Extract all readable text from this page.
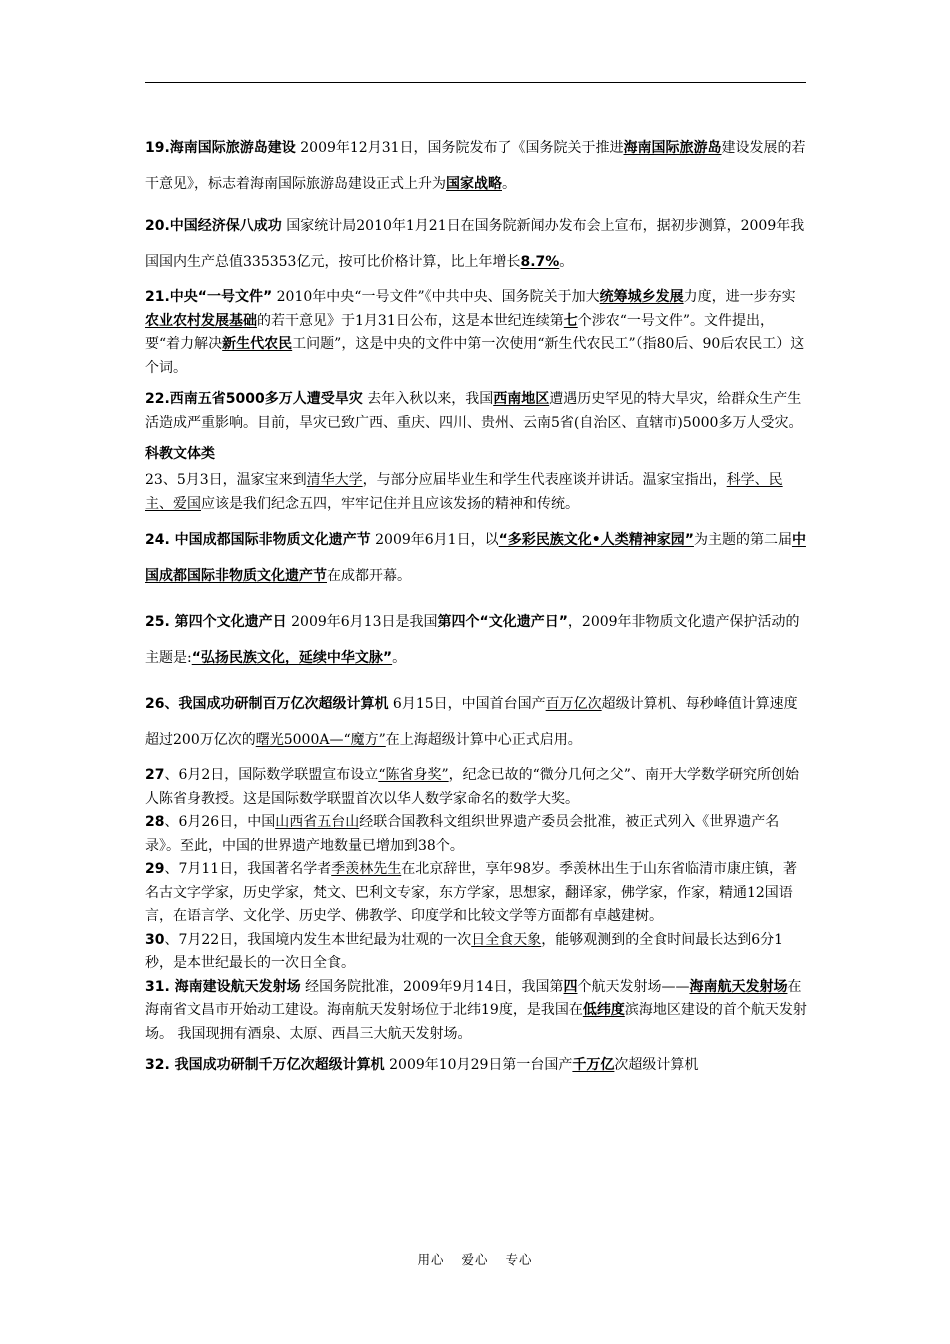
19.海南国际旅游岛建设 2009年12月31日，国务院发布了《国务院关于推进海南国际旅游岛建设发展的若干意见》，标志着海南国际旅游岛建设正式上升为国家战略。

20.中国经济保八成功 国家统计局2010年1月21日在国务院新闻办发布会上宣布，据初步测算，2009年我国国内生产总值335353亿元，按可比价格计算，比上年增长8.7%。

21.中央“一号文件” 2010年中央“一号文件”《中共中央、国务院关于加大统筹城乡发展力度，进一步夯实农业农村发展基础的若干意见》于1月31日公布，这是本世纪连续第七个涉农“一号文件”。文件提出，要“着力解决新生代农民工问题”，这是中央的文件中第一次使用“新生代农民工”（指80后、90后农民工）这个词。

22.西南五省5000多万人遭受旱灾 去年入秋以来，我国西南地区遭遇历史罕见的特大旱灾，给群众生产生活造成严重影响。目前，旱灾已致广西、重庆、四川、贵州、云南5省(自治区、直辖市)5000多万人受灾。

科教文体类

23、5月3日，温家宝来到清华大学，与部分应届毕业生和学生代表座谈并讲话。温家宝指出，科学、民主、爱国应该是我们纪念五四，牢牢记住并且应该发扬的精神和传统。

24. 中国成都国际非物质文化遗产节 2009年6月1日，以“多彩民族文化•人类精神家园”为主题的第二届中国成都国际非物质文化遗产节在成都开幕。

25. 第四个文化遗产日 2009年6月13日是我国第四个“文化遗产日”，2009年非物质文化遗产保护活动的主题是:“弘扬民族文化，延续中华文脉”。

26、我国成功研制百万亿次超级计算机 6月15日，中国首台国产百万亿次超级计算机、每秒峰值计算速度超过200万亿次的曙光5000A—“魔方”在上海超级计算中心正式启用。

27、6月2日，国际数学联盟宣布设立“陈省身奖”，纪念已故的“微分几何之父”、南开大学数学研究所创始人陈省身教授。这是国际数学联盟首次以华人数学家命名的数学大奖。

28、6月26日，中国山西省五台山经联合国教科文组织世界遗产委员会批准，被正式列入《世界遗产名录》。至此，中国的世界遗产地数量已增加到38个。

29、7月11日，我国著名学者季羡林先生在北京辞世，享年98岁。季羡林出生于山东省临清市康庄镇，著名古文字学家，历史学家，梵文、巴利文专家，东方学家，思想家，翻译家，佛学家，作家，精通12国语言，在语言学、文化学、历史学、佛教学、印度学和比较文学等方面都有卓越建树。

30、7月22日，我国境内发生本世纪最为壮观的一次日全食天象，能够观测到的全食时间最长达到6分1秒，是本世纪最长的一次日全食。

31. 海南建设航天发射场 经国务院批准，2009年9月14日，我国第四个航天发射场——海南航天发射场在海南省文昌市开始动工建设。海南航天发射场位于北纬19度，是我国在低纬度滨海地区建设的首个航天发射场。 我国现拥有酒泉、太原、西昌三大航天发射场。

32. 我国成功研制千万亿次超级计算机 2009年10月29日第一台国产千万亿次超级计算机

用心 爱心 专心
